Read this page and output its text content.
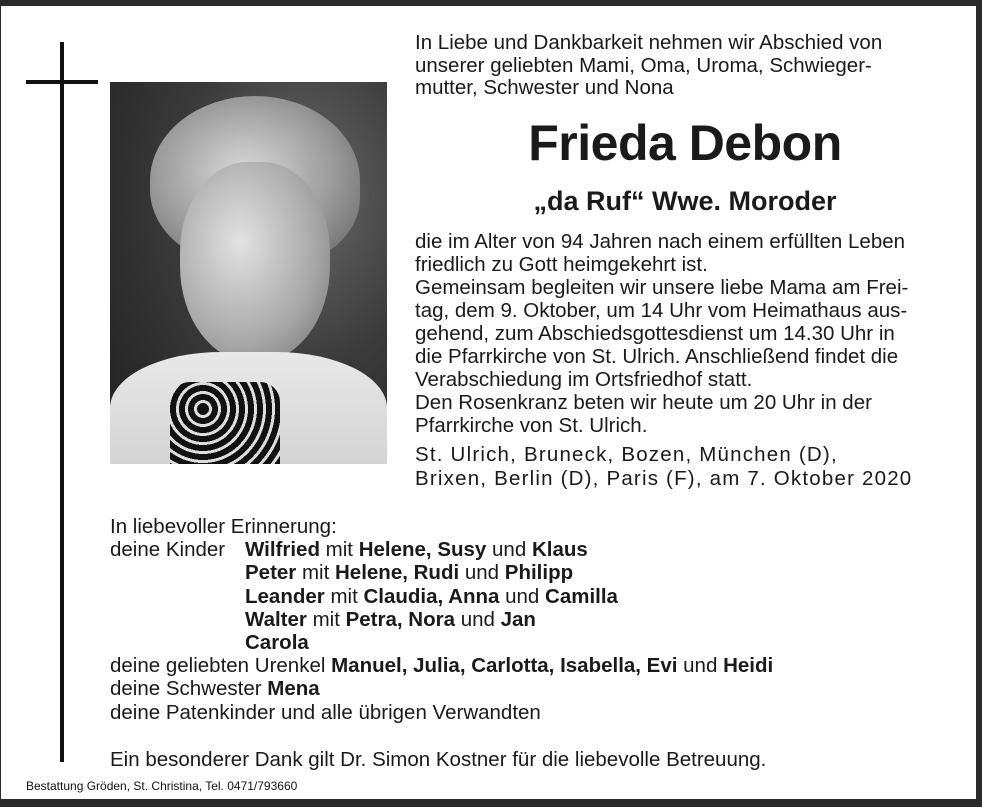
In Liebe und Dankbarkeit nehmen wir Abschied von
unserer geliebten Mami, Oma, Uroma, Schwieger-
mutter, Schwester und Nona
Frieda Debon
„da Ruf“ Wwe. Moroder
die im Alter von 94 Jahren nach einem erfüllten Leben
friedlich zu Gott heimgekehrt ist.
Gemeinsam begleiten wir unsere liebe Mama am Frei-
tag, dem 9. Oktober, um 14 Uhr vom Heimathaus aus-
gehend, zum Abschiedsgottesdienst um 14.30 Uhr in
die Pfarrkirche von St. Ulrich. Anschließend findet die
Verabschiedung im Ortsfriedhof statt.
Den Rosenkranz beten wir heute um 20 Uhr in der
Pfarrkirche von St. Ulrich.
St. Ulrich, Bruneck, Bozen, München (D),
Brixen, Berlin (D), Paris (F), am 7. Oktober 2020
In liebevoller Erinnerung:
deine Kinder Wilfried mit Helene, Susy und Klaus
Peter mit Helene, Rudi und Philipp
Leander mit Claudia, Anna und Camilla
Walter mit Petra, Nora und Jan
Carola
deine geliebten Urenkel Manuel, Julia, Carlotta, Isabella, Evi und Heidi
deine Schwester Mena
deine Patenkinder und alle übrigen Verwandten
Ein besonderer Dank gilt Dr. Simon Kostner für die liebevolle Betreuung.
Bestattung Gröden, St. Christina, Tel. 0471/793660
